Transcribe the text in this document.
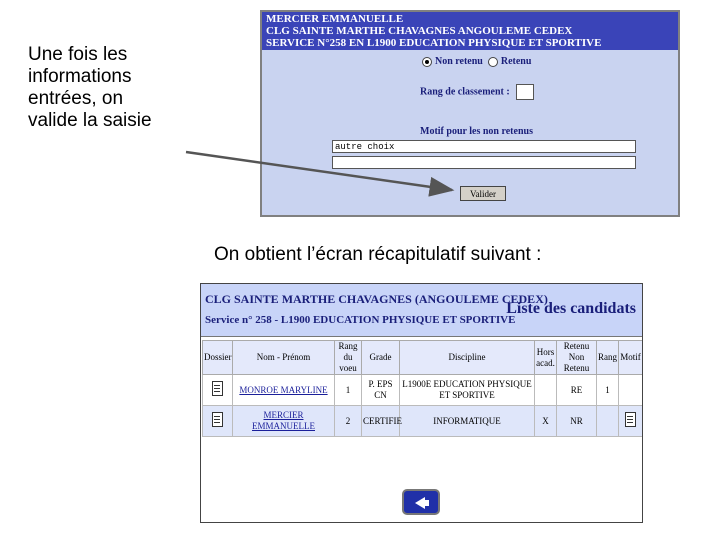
Une fois les
informations
entrées, on
valide la saisie
MERCIER EMMANUELLE
CLG SAINTE MARTHE CHAVAGNES ANGOULEME CEDEX
SERVICE N°258 EN L1900 EDUCATION PHYSIQUE ET SPORTIVE
Non retenu Retenu
Rang de classement :
Motif pour les non retenus
autre choix
Valider
On obtient l’écran récapitulatif suivant :
CLG SAINTE MARTHE CHAVAGNES (ANGOULEME CEDEX)
Service n° 258 - L1900 EDUCATION PHYSIQUE ET SPORTIVE
Liste des candidats
Dossier	Nom - Prénom	Rang du voeu	Grade	Discipline	Hors acad.	Retenu Non Retenu	Rang	Motif
	MONROE MARYLINE	1	P. EPS CN	L1900E EDUCATION PHYSIQUE ET SPORTIVE		RE	1	
	MERCIER EMMANUELLE	2	CERTIFIE	INFORMATIQUE	X	NR		
